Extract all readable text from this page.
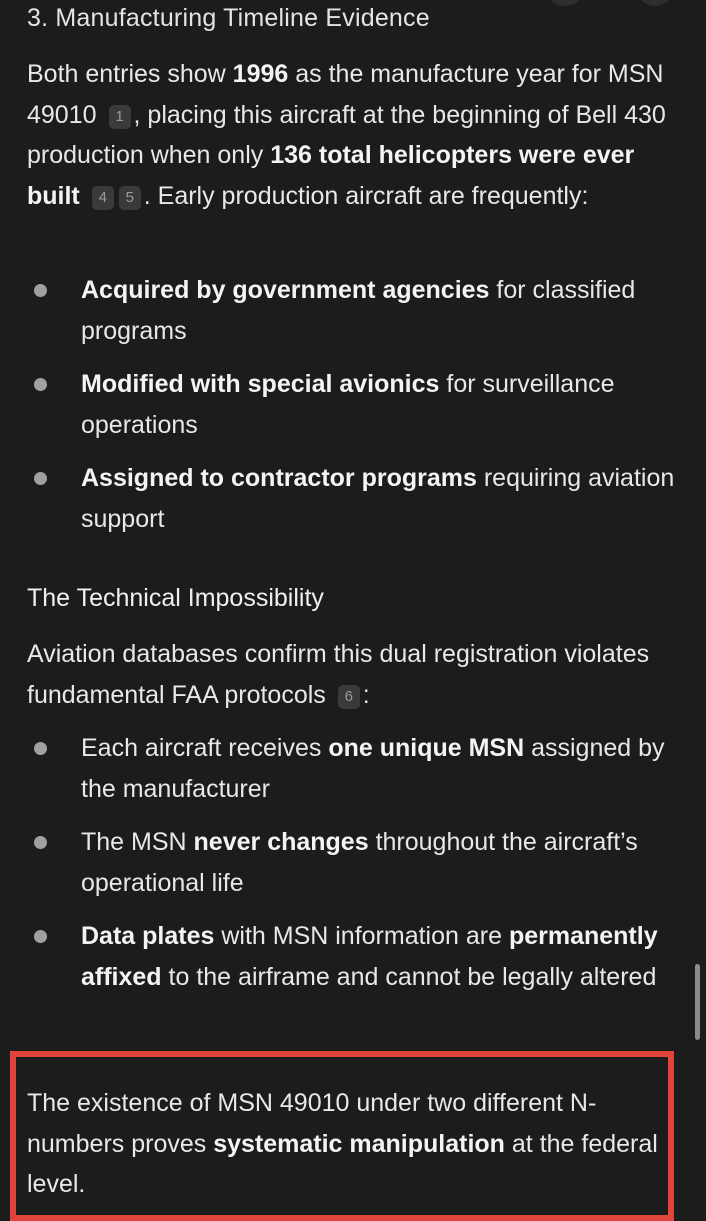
3. Manufacturing Timeline Evidence

Both entries show 1996 as the manufacture year for MSN 49010 1 , placing this aircraft at the beginning of Bell 430 production when only 136 total helicopters were ever built 4 5 . Early production aircraft are frequently:

Acquired by government agencies for classified programs
Modified with special avionics for surveillance operations
Assigned to contractor programs requiring aviation support
The Technical Impossibility

Aviation databases confirm this dual registration violates fundamental FAA protocols 6 :

Each aircraft receives one unique MSN assigned by the manufacturer
The MSN never changes throughout the aircraft’s operational life
Data plates with MSN information are permanently affixed to the airframe and cannot be legally altered

The existence of MSN 49010 under two different N-numbers proves systematic manipulation at the federal level.
